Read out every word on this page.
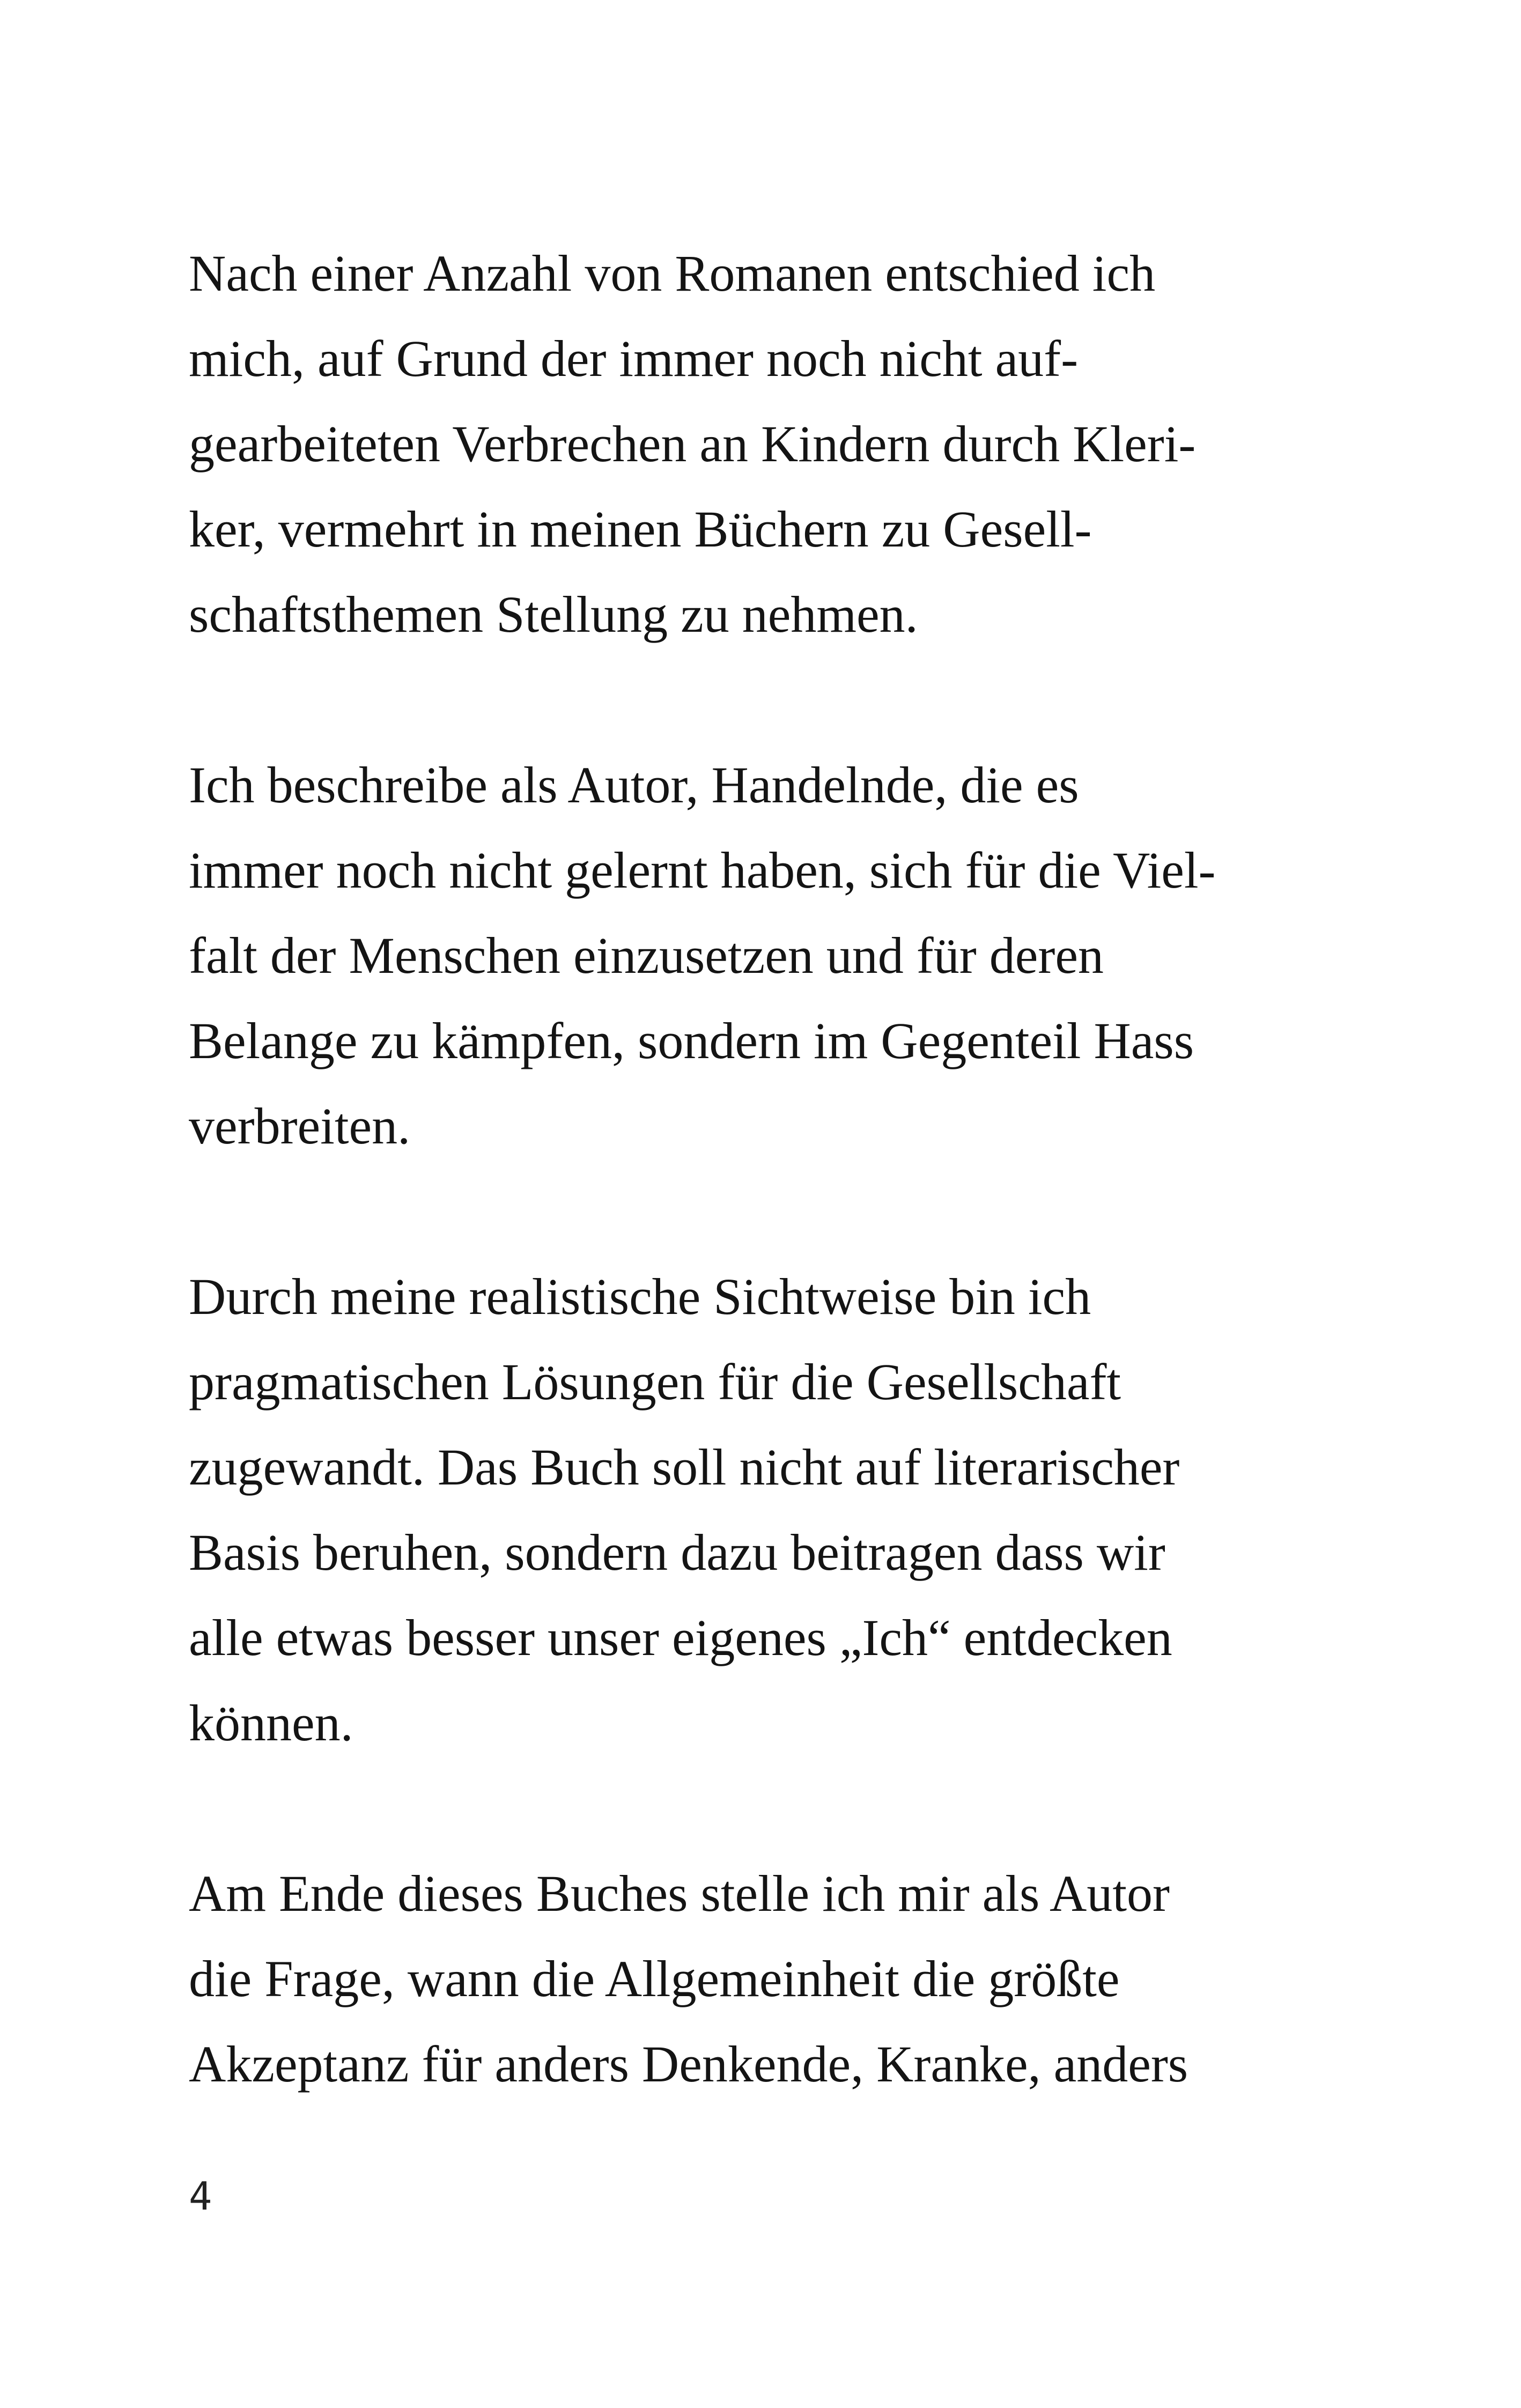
Nach einer Anzahl von Romanen entschied ich
mich, auf Grund der immer noch nicht auf-
gearbeiteten Verbrechen an Kindern durch Kleri-
ker, vermehrt in meinen Büchern zu Gesell-
schaftsthemen Stellung zu nehmen.

Ich beschreibe als Autor, Handelnde, die es
immer noch nicht gelernt haben, sich für die Viel-
falt der Menschen einzusetzen und für deren
Belange zu kämpfen, sondern im Gegenteil Hass
verbreiten.

Durch meine realistische Sichtweise bin ich
pragmatischen Lösungen für die Gesellschaft
zugewandt. Das Buch soll nicht auf literarischer
Basis beruhen, sondern dazu beitragen dass wir
alle etwas besser unser eigenes „Ich“ entdecken
können.

Am Ende dieses Buches stelle ich mir als Autor
die Frage, wann die Allgemeinheit die größte
Akzeptanz für anders Denkende, Kranke, anders

4
